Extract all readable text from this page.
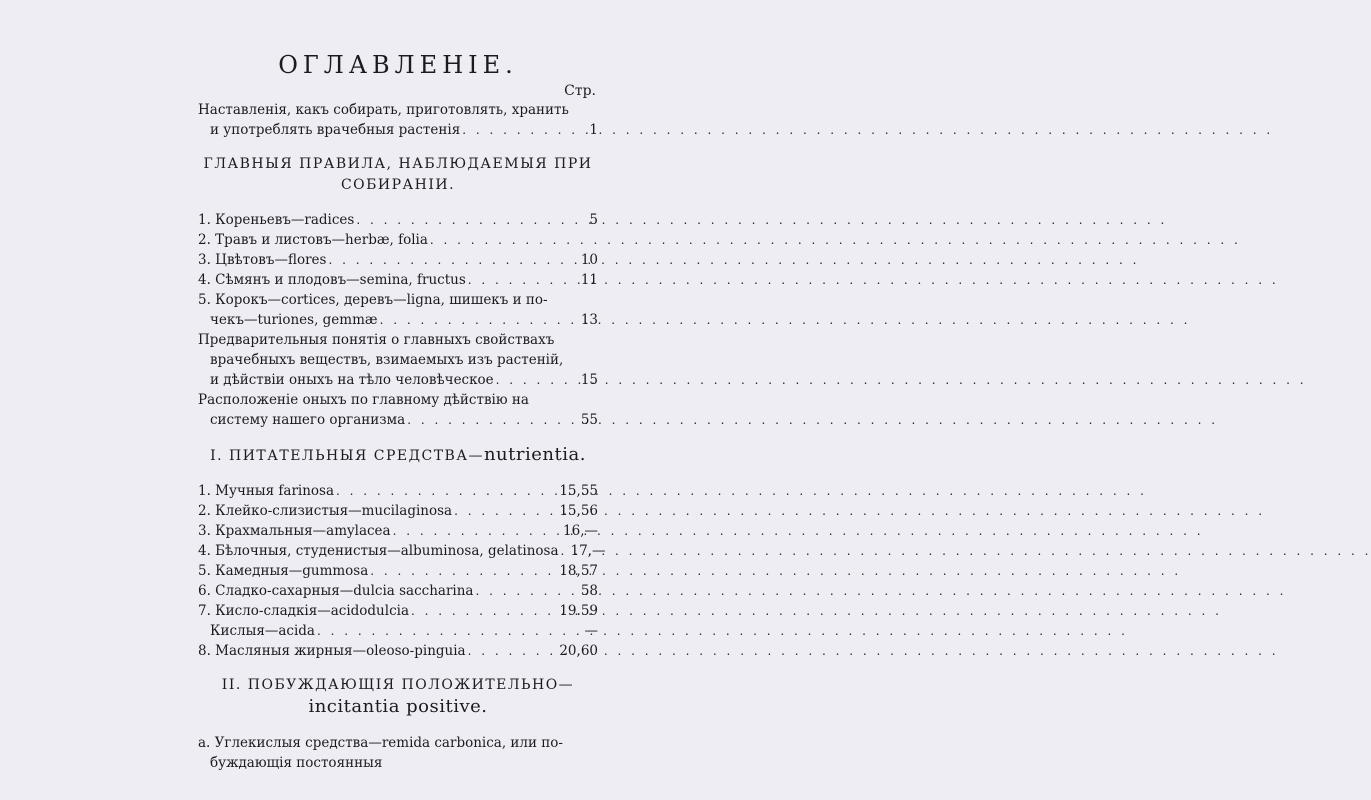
ОГЛАВЛЕНІЕ.
Стр.
Наставленія, какъ собирать, приготовлять, хранить
и употреблять врачебныя растенія . . .	1
ГЛАВНЫЯ ПРАВИЛА, НАБЛЮДАЕМЫЯ ПРИ
СОБИРАНІИ.
1. Кореньевъ—radices . . .	5
2. Травъ и листовъ—herbæ, folia
. . .
3. Цвѣтовъ—flores . . .	10
4. Сѣмянъ и плодовъ—semina, fructus . . .	11
5. Корокъ—cortices, деревъ—ligna, шишекъ и по-
чекъ—turiones, gemmæ . . .	13
Предварительныя понятія о главныхъ свойствахъ
врачебныхъ веществъ, взимаемыхъ изъ растеній,
и дѣйствіи оныхъ на тѣло человѣческое . . .	15
Расположеніе оныхъ по главному дѣйствію на
систему нашего организма . . .	55
I. ПИТАТЕЛЬНЫЯ СРЕДСТВА—nutrientia.
1. Мучныя farinosa . . .	15,55
2. Клейко-слизистыя—mucilaginosa . . .	15,56
3. Крахмальныя—amylacea . . .	16,—
4. Бѣлочныя, студенистыя—albuminosa, gelatinosa . . . 17,—
5. Камедныя—gummosa . . .	18,57
6. Сладко-сахарныя—dulcia saccharina . . .	58
7. Кисло-сладкія—acidodulcia . . .	19.59
Кислыя—acida . . .	—
8. Масляныя жирныя—oleoso-pinguia . . .	20,60
II. ПОБУЖДАЮЩІЯ ПОЛОЖИТЕЛЬНО—
incitantia positive.
а. Углекислыя средства—remida carbonica, или по-
буждающія постоянныя
